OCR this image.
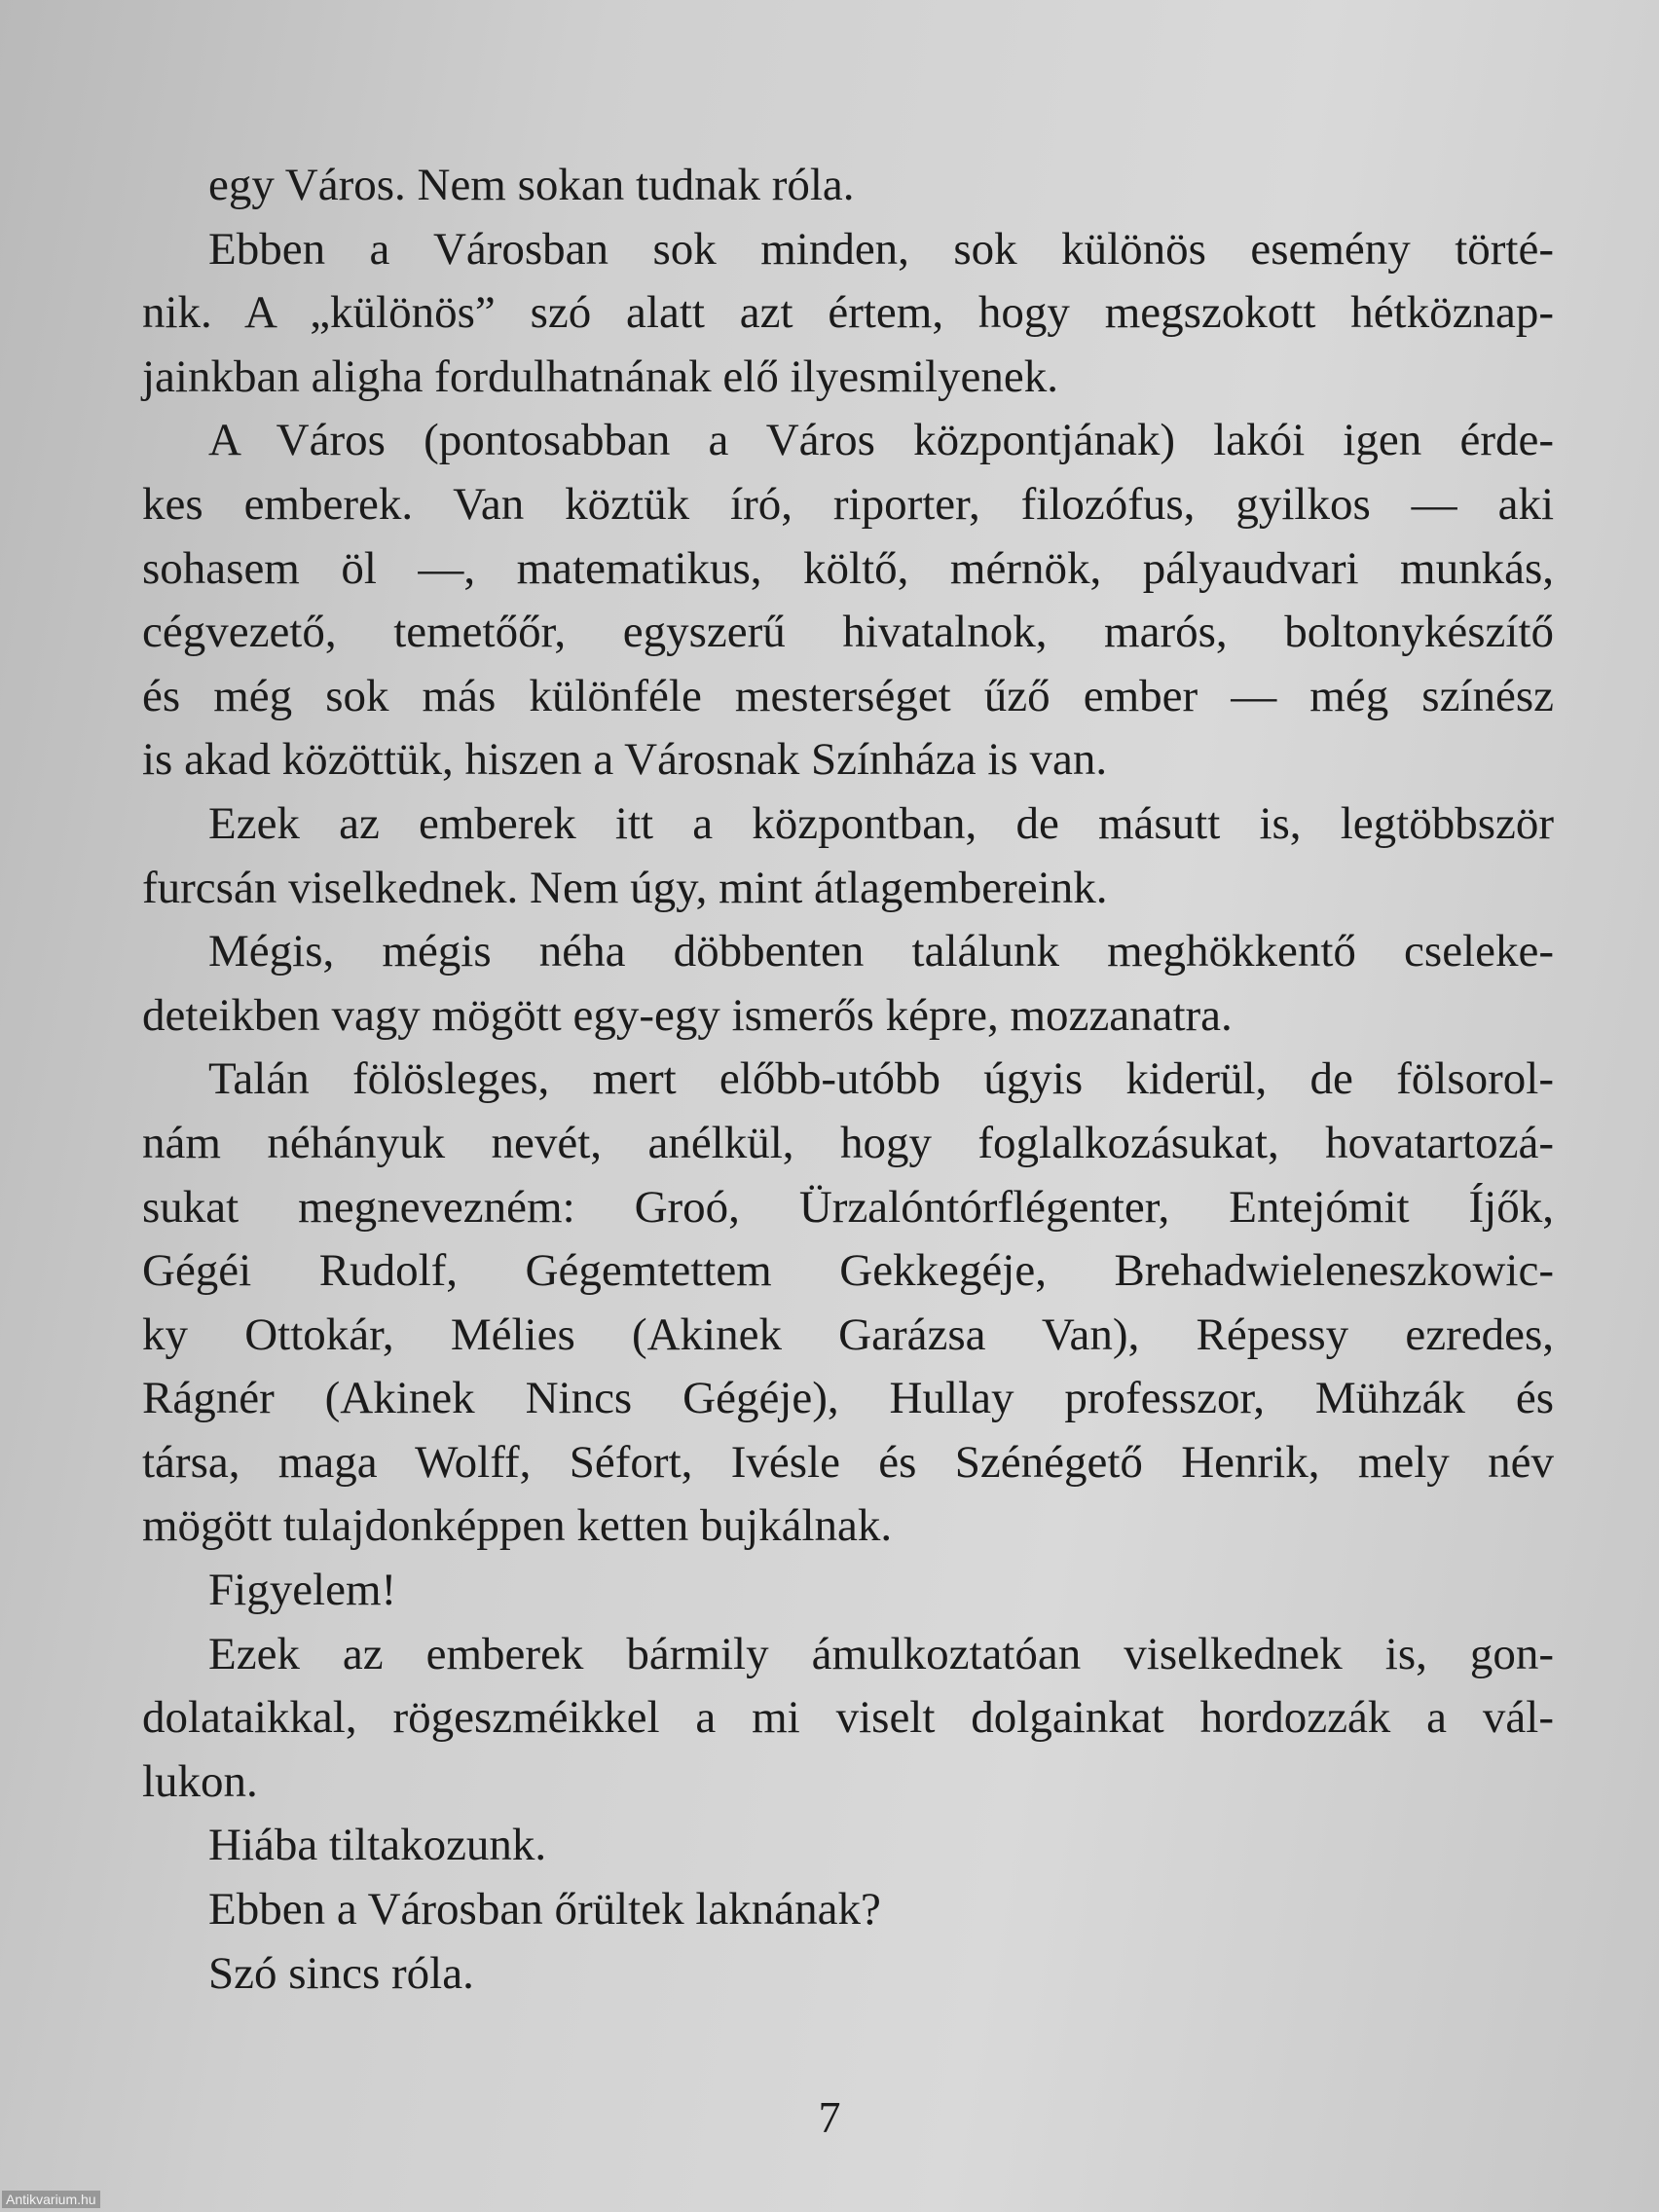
egy Város. Nem sokan tudnak róla.
Ebben a Városban sok minden, sok különös esemény törté-
nik. A „különös” szó alatt azt értem, hogy megszokott hétköznap-
jainkban aligha fordulhatnának elő ilyesmilyenek.
A Város (pontosabban a Város központjának) lakói igen érde-
kes emberek. Van köztük író, riporter, filozófus, gyilkos — aki
sohasem öl —, matematikus, költő, mérnök, pályaudvari munkás,
cégvezető, temetőőr, egyszerű hivatalnok, marós, boltonykészítő
és még sok más különféle mesterséget űző ember — még színész
is akad közöttük, hiszen a Városnak Színháza is van.
Ezek az emberek itt a központban, de másutt is, legtöbbször
furcsán viselkednek. Nem úgy, mint átlagembereink.
Mégis, mégis néha döbbenten találunk meghökkentő cseleke-
deteikben vagy mögött egy-egy ismerős képre, mozzanatra.
Talán fölösleges, mert előbb-utóbb úgyis kiderül, de fölsorol-
nám néhányuk nevét, anélkül, hogy foglalkozásukat, hovatartozá-
sukat megnevezném: Groó, Ürzalóntórflégenter, Entejómit Íjők,
Gégéi Rudolf, Gégemtettem Gekkegéje, Brehadwieleneszkowic-
ky Ottokár, Mélies (Akinek Garázsa Van), Répessy ezredes,
Rágnér (Akinek Nincs Gégéje), Hullay professzor, Mühzák és
társa, maga Wolff, Séfort, Ivésle és Szénégető Henrik, mely név
mögött tulajdonképpen ketten bujkálnak.
Figyelem!
Ezek az emberek bármily ámulkoztatóan viselkednek is, gon-
dolataikkal, rögeszméikkel a mi viselt dolgainkat hordozzák a vál-
lukon.
Hiába tiltakozunk.
Ebben a Városban őrültek laknának?
Szó sincs róla.
7
Antikvarium.hu
